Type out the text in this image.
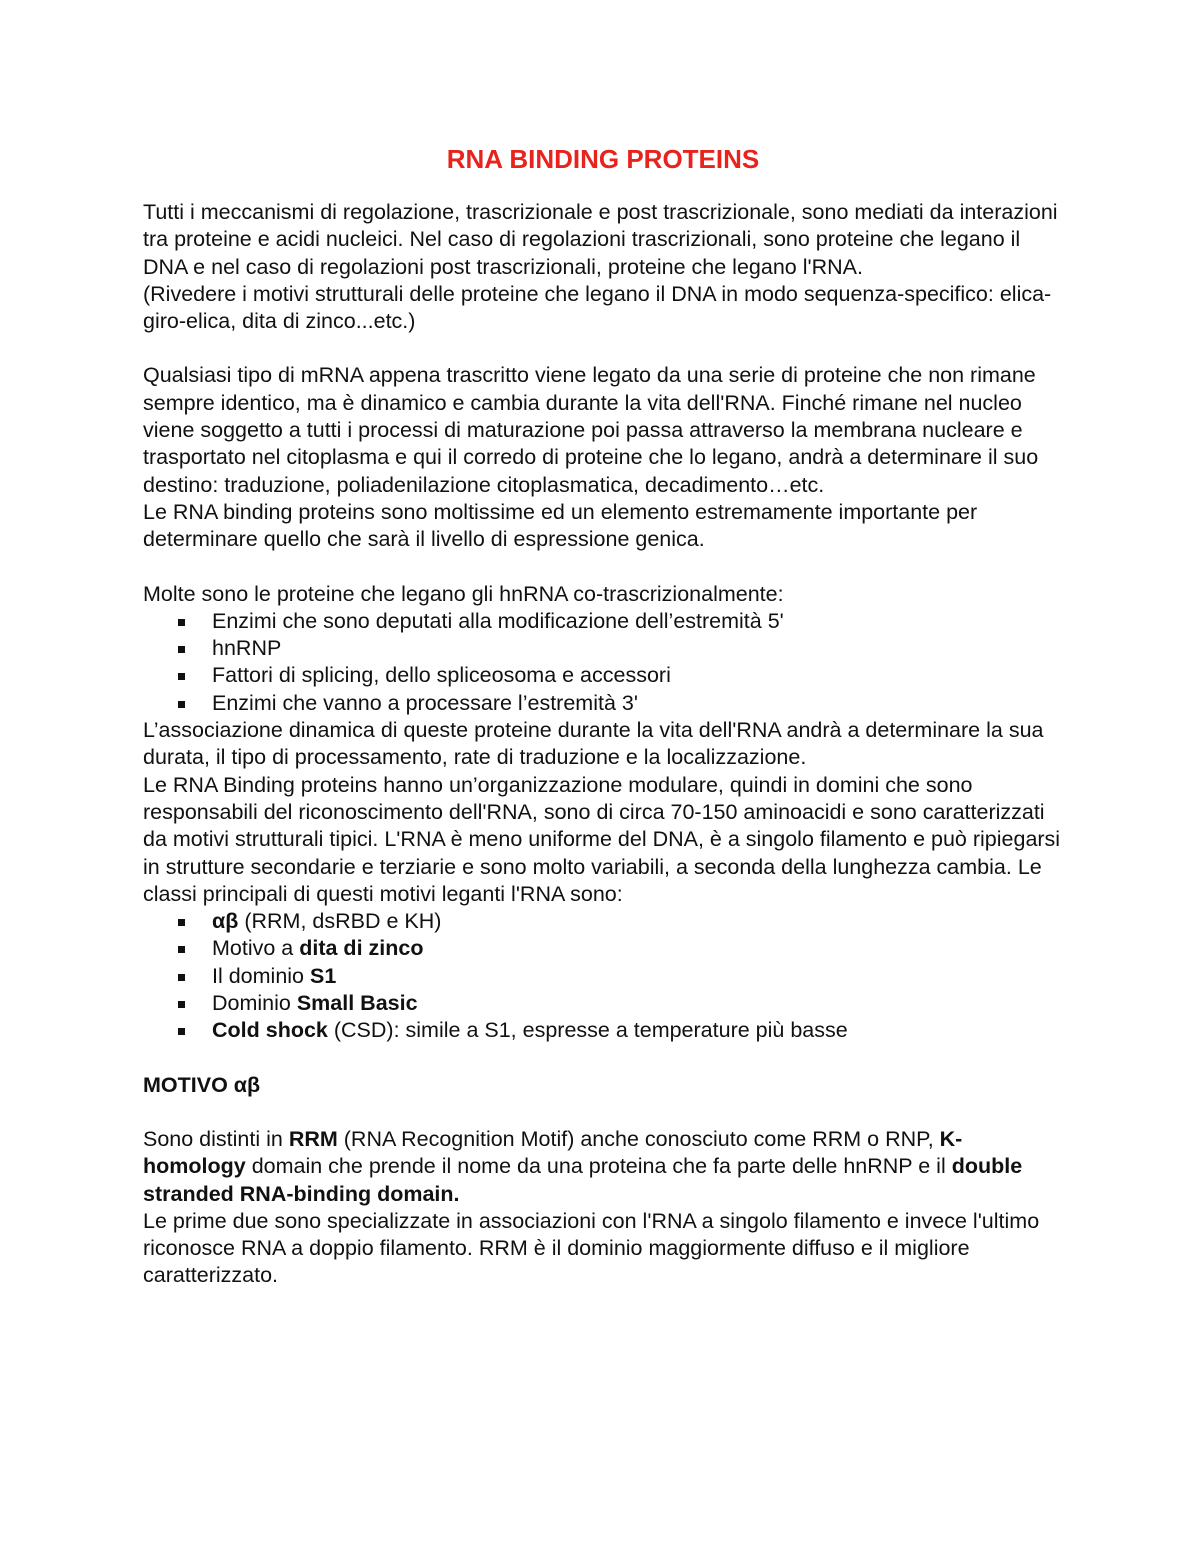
RNA BINDING PROTEINS

Tutti i meccanismi di regolazione, trascrizionale e post trascrizionale, sono mediati da interazioni tra proteine e acidi nucleici. Nel caso di regolazioni trascrizionali, sono proteine che legano il DNA e nel caso di regolazioni post trascrizionali, proteine che legano l'RNA.

(Rivedere i motivi strutturali delle proteine che legano il DNA in modo sequenza-specifico: elica-giro-elica, dita di zinco...etc.)

Qualsiasi tipo di mRNA appena trascritto viene legato da una serie di proteine che non rimane sempre identico, ma è dinamico e cambia durante la vita dell'RNA. Finché rimane nel nucleo viene soggetto a tutti i processi di maturazione poi passa attraverso la membrana nucleare e trasportato nel citoplasma e qui il corredo di proteine che lo legano, andrà a determinare il suo destino: traduzione, poliadenilazione citoplasmatica, decadimento…etc.

Le RNA binding proteins sono moltissime ed un elemento estremamente importante per determinare quello che sarà il livello di espressione genica.

Molte sono le proteine che legano gli hnRNA co-trascrizionalmente:

Enzimi che sono deputati alla modificazione dell’estremità 5'
hnRNP
Fattori di splicing, dello spliceosoma e accessori
Enzimi che vanno a processare l’estremità 3'

L’associazione dinamica di queste proteine durante la vita dell'RNA andrà a determinare la sua durata, il tipo di processamento, rate di traduzione e la localizzazione.

Le RNA Binding proteins hanno un’organizzazione modulare, quindi in domini che sono responsabili del riconoscimento dell'RNA, sono di circa 70-150 aminoacidi e sono caratterizzati da motivi strutturali tipici. L'RNA è meno uniforme del DNA, è a singolo filamento e può ripiegarsi in strutture secondarie e terziarie e sono molto variabili, a seconda della lunghezza cambia. Le classi principali di questi motivi leganti l'RNA sono:

αβ (RRM, dsRBD e KH)
Motivo a dita di zinco
Il dominio S1
Dominio Small Basic
Cold shock (CSD): simile a S1, espresse a temperature più basse

MOTIVO αβ

Sono distinti in RRM (RNA Recognition Motif) anche conosciuto come RRM o RNP, K-homology domain che prende il nome da una proteina che fa parte delle hnRNP e il double stranded RNA-binding domain.

Le prime due sono specializzate in associazioni con l'RNA a singolo filamento e invece l'ultimo riconosce RNA a doppio filamento. RRM è il dominio maggiormente diffuso e il migliore caratterizzato.
